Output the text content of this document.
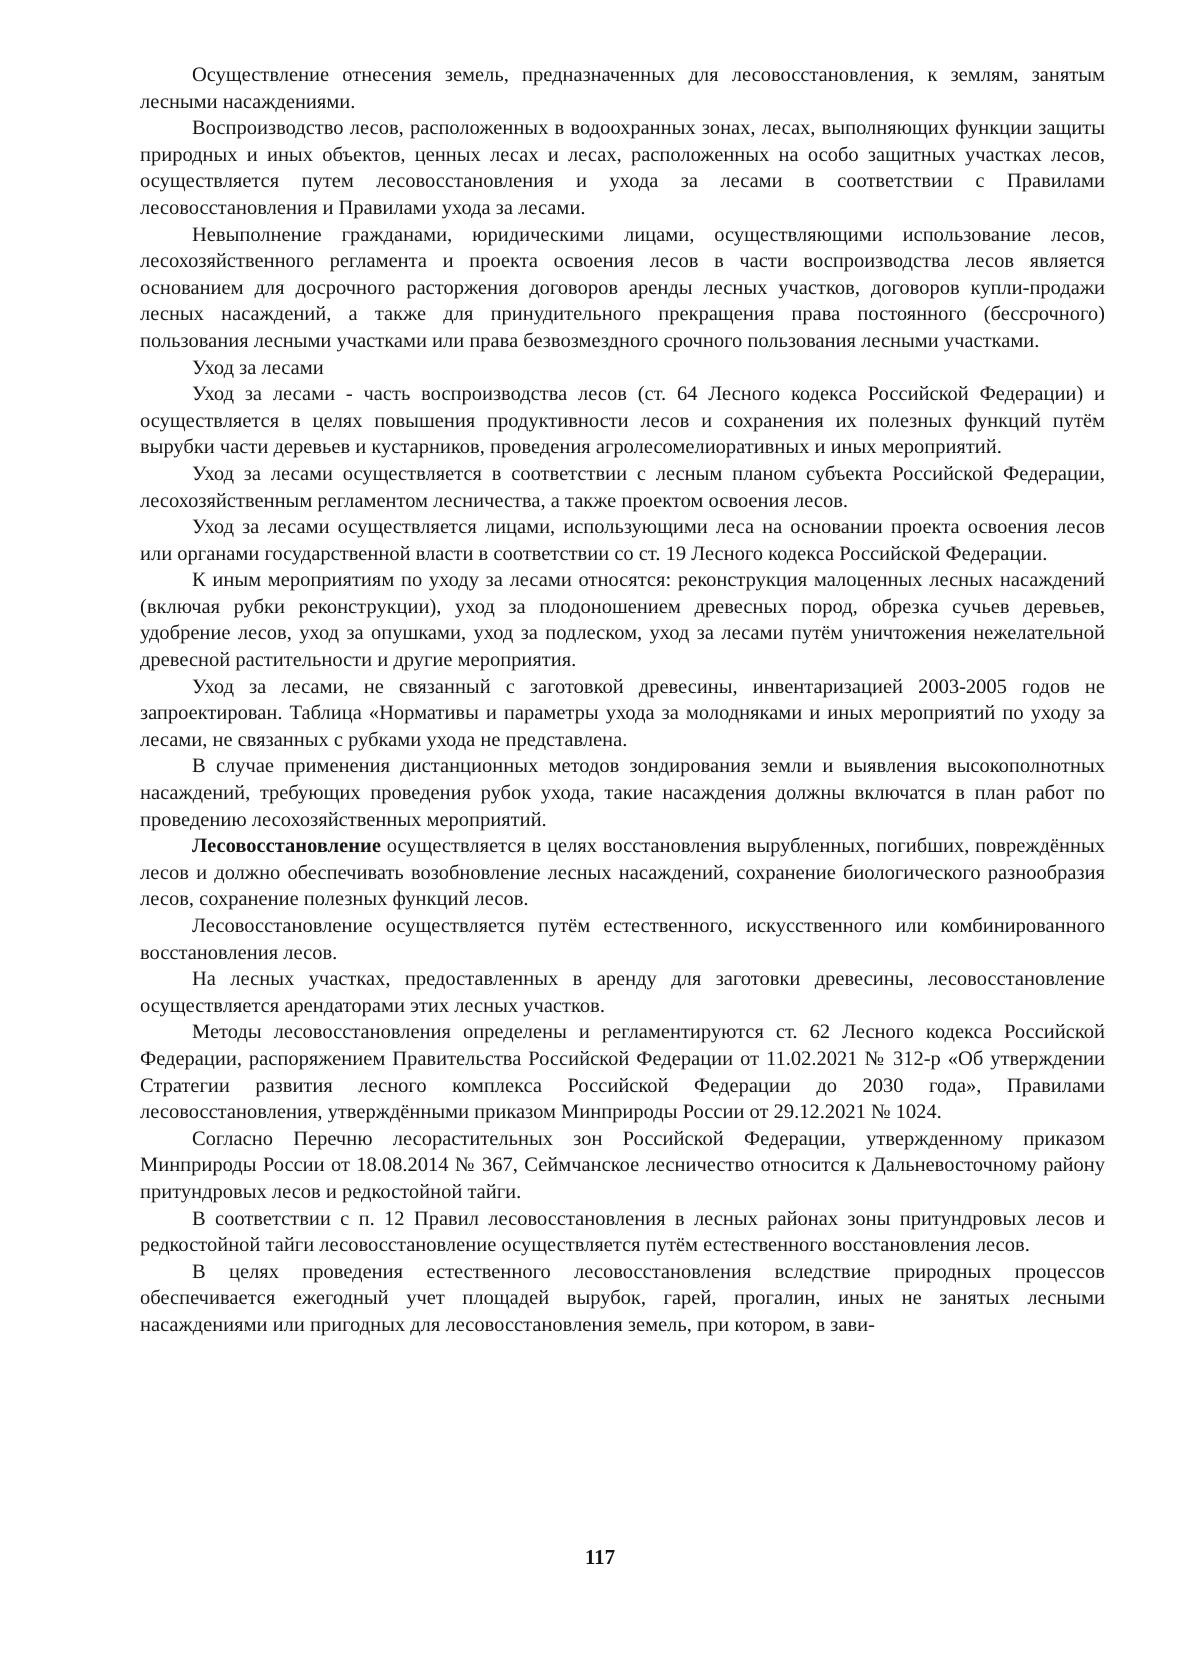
Осуществление отнесения земель, предназначенных для лесовосстановления, к землям, занятым лесными насаждениями.

Воспроизводство лесов, расположенных в водоохранных зонах, лесах, выполняющих функции защиты природных и иных объектов, ценных лесах и лесах, расположенных на особо защитных участках лесов, осуществляется путем лесовосстановления и ухода за лесами в соответствии с Правилами лесовосстановления и Правилами ухода за лесами.

Невыполнение гражданами, юридическими лицами, осуществляющими использование лесов, лесохозяйственного регламента и проекта освоения лесов в части воспроизводства лесов является основанием для досрочного расторжения договоров аренды лесных участков, договоров купли-продажи лесных насаждений, а также для принудительного прекращения права постоянного (бессрочного) пользования лесными участками или права безвозмездного срочного пользования лесными участками.

Уход за лесами

Уход за лесами - часть воспроизводства лесов (ст. 64 Лесного кодекса Российской Федерации) и осуществляется в целях повышения продуктивности лесов и сохранения их полезных функций путём вырубки части деревьев и кустарников, проведения агролесомелиоративных и иных мероприятий.

Уход за лесами осуществляется в соответствии с лесным планом субъекта Российской Федерации, лесохозяйственным регламентом лесничества, а также проектом освоения лесов.

Уход за лесами осуществляется лицами, использующими леса на основании проекта освоения лесов или органами государственной власти в соответствии со ст. 19 Лесного кодекса Российской Федерации.

К иным мероприятиям по уходу за лесами относятся: реконструкция малоценных лесных насаждений (включая рубки реконструкции), уход за плодоношением древесных пород, обрезка сучьев деревьев, удобрение лесов, уход за опушками, уход за подлеском, уход за лесами путём уничтожения нежелательной древесной растительности и другие мероприятия.

Уход за лесами, не связанный с заготовкой древесины, инвентаризацией 2003-2005 годов не запроектирован. Таблица «Нормативы и параметры ухода за молодняками и иных мероприятий по уходу за лесами, не связанных с рубками ухода не представлена.

В случае применения дистанционных методов зондирования земли и выявления высокополнотных насаждений, требующих проведения рубок ухода, такие насаждения должны включатся в план работ по проведению лесохозяйственных мероприятий.

Лесовосстановление осуществляется в целях восстановления вырубленных, погибших, повреждённых лесов и должно обеспечивать возобновление лесных насаждений, сохранение биологического разнообразия лесов, сохранение полезных функций лесов.

Лесовосстановление осуществляется путём естественного, искусственного или комбинированного восстановления лесов.

На лесных участках, предоставленных в аренду для заготовки древесины, лесовосстановление осуществляется арендаторами этих лесных участков.

Методы лесовосстановления определены и регламентируются ст. 62 Лесного кодекса Российской Федерации, распоряжением Правительства Российской Федерации от 11.02.2021 № 312-р «Об утверждении Стратегии развития лесного комплекса Российской Федерации до 2030 года», Правилами лесовосстановления, утверждёнными приказом Минприроды России от 29.12.2021 № 1024.

Согласно Перечню лесорастительных зон Российской Федерации, утвержденному приказом Минприроды России от 18.08.2014 № 367, Сеймчанское лесничество относится к Дальневосточному району притундровых лесов и редкостойной тайги.

В соответствии с п. 12 Правил лесовосстановления в лесных районах зоны притундровых лесов и редкостойной тайги лесовосстановление осуществляется путём естественного восстановления лесов.

В целях проведения естественного лесовосстановления вследствие природных процессов обеспечивается ежегодный учет площадей вырубок, гарей, прогалин, иных не занятых лесными насаждениями или пригодных для лесовосстановления земель, при котором, в зави-

117
